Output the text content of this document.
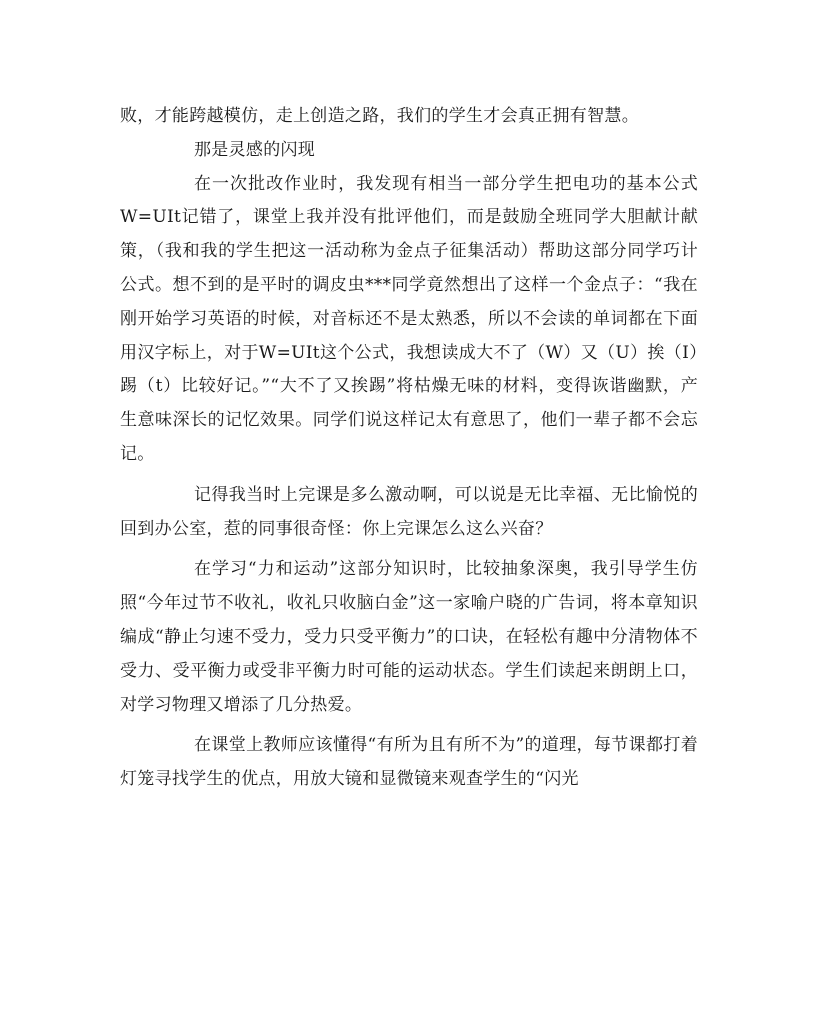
败，才能跨越模仿，走上创造之路，我们的学生才会真正拥有智慧。

那是灵感的闪现

在一次批改作业时，我发现有相当一部分学生把电功的基本公式W=UIt记错了，课堂上我并没有批评他们，而是鼓励全班同学大胆献计献策，（我和我的学生把这一活动称为金点子征集活动）帮助这部分同学巧计公式。想不到的是平时的调皮虫***同学竟然想出了这样一个金点子：“我在刚开始学习英语的时候，对音标还不是太熟悉，所以不会读的单词都在下面用汉字标上，对于W=UIt这个公式，我想读成大不了（W）又（U）挨（I）踢（t）比较好记。”“大不了又挨踢”将枯燥无味的材料，变得诙谐幽默，产生意味深长的记忆效果。同学们说这样记太有意思了，他们一辈子都不会忘记。

记得我当时上完课是多么激动啊，可以说是无比幸福、无比愉悦的回到办公室，惹的同事很奇怪：你上完课怎么这么兴奋？

在学习“力和运动”这部分知识时，比较抽象深奥，我引导学生仿照“今年过节不收礼，收礼只收脑白金”这一家喻户晓的广告词，将本章知识编成“静止匀速不受力，受力只受平衡力”的口诀，在轻松有趣中分清物体不受力、受平衡力或受非平衡力时可能的运动状态。学生们读起来朗朗上口，对学习物理又增添了几分热爱。

在课堂上教师应该懂得“有所为且有所不为”的道理，每节课都打着灯笼寻找学生的优点，用放大镜和显微镜来观查学生的“闪光
